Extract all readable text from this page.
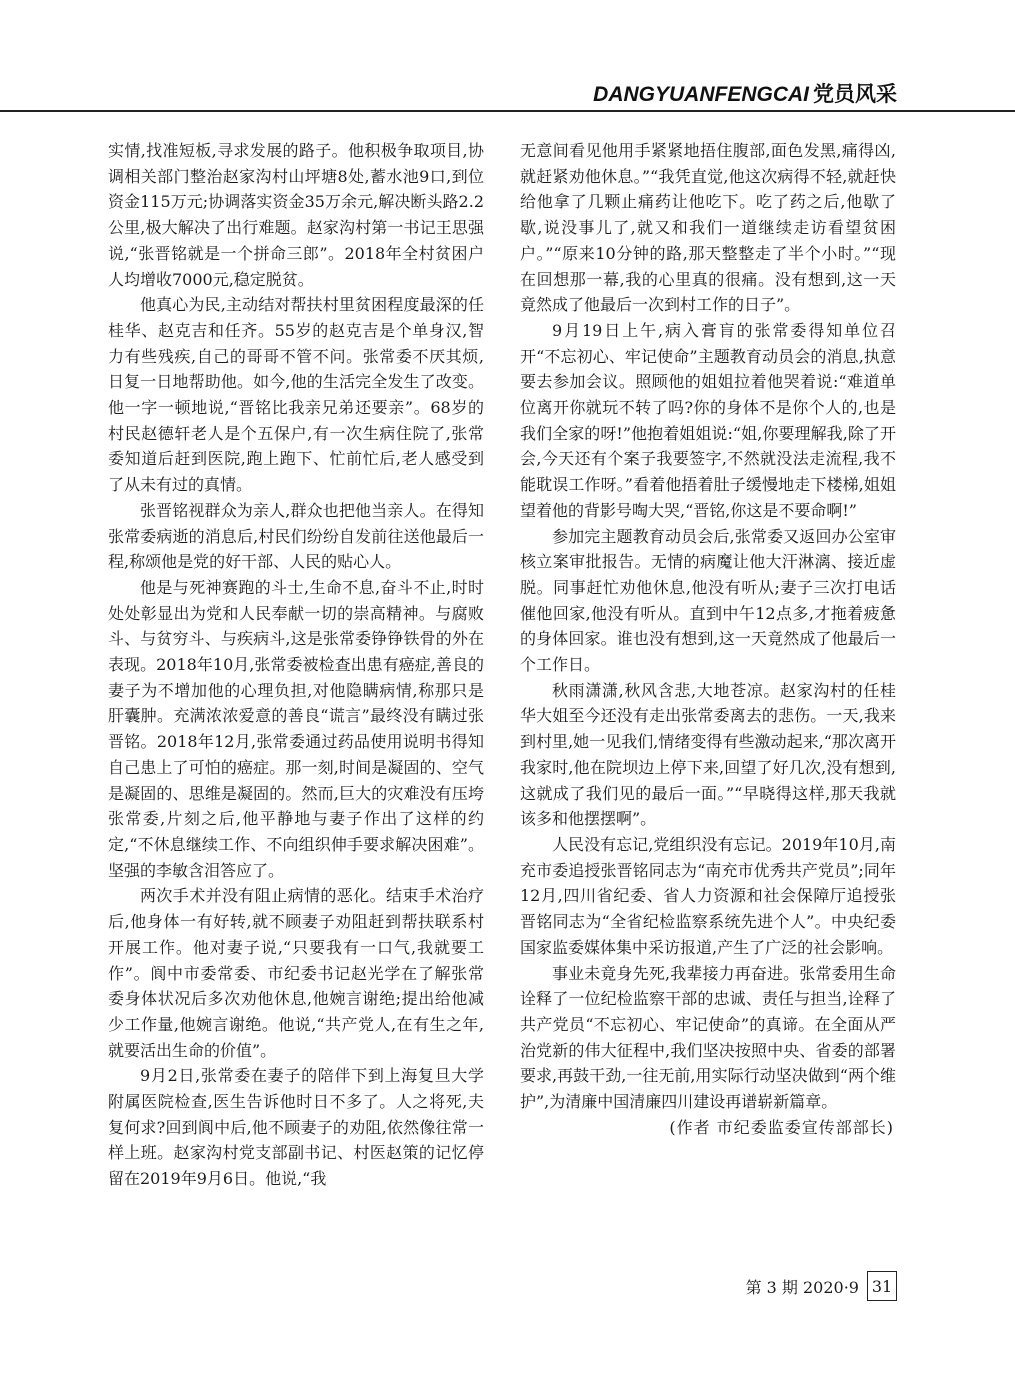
DANGYUANFENGCAI 党员风采

实情,找准短板,寻求发展的路子。他积极争取项目,协调相关部门整治赵家沟村山坪塘8处,蓄水池9口,到位资金115万元;协调落实资金35万余元,解决断头路2.2公里,极大解决了出行难题。赵家沟村第一书记王思强说,“张晋铭就是一个拼命三郎”。2018年全村贫困户人均增收7000元,稳定脱贫。

他真心为民,主动结对帮扶村里贫困程度最深的任桂华、赵克吉和任齐。55岁的赵克吉是个单身汉,智力有些残疾,自己的哥哥不管不问。张常委不厌其烦,日复一日地帮助他。如今,他的生活完全发生了改变。他一字一顿地说,“晋铭比我亲兄弟还要亲”。68岁的村民赵德轩老人是个五保户,有一次生病住院了,张常委知道后赶到医院,跑上跑下、忙前忙后,老人感受到了从未有过的真情。

张晋铭视群众为亲人,群众也把他当亲人。在得知张常委病逝的消息后,村民们纷纷自发前往送他最后一程,称颂他是党的好干部、人民的贴心人。

他是与死神赛跑的斗士,生命不息,奋斗不止,时时处处彰显出为党和人民奉献一切的崇高精神。与腐败斗、与贫穷斗、与疾病斗,这是张常委铮铮铁骨的外在表现。2018年10月,张常委被检查出患有癌症,善良的妻子为不增加他的心理负担,对他隐瞒病情,称那只是肝囊肿。充满浓浓爱意的善良“谎言”最终没有瞒过张晋铭。2018年12月,张常委通过药品使用说明书得知自己患上了可怕的癌症。那一刻,时间是凝固的、空气是凝固的、思维是凝固的。然而,巨大的灾难没有压垮张常委,片刻之后,他平静地与妻子作出了这样的约定,“不休息继续工作、不向组织伸手要求解决困难”。坚强的李敏含泪答应了。

两次手术并没有阻止病情的恶化。结束手术治疗后,他身体一有好转,就不顾妻子劝阻赶到帮扶联系村开展工作。他对妻子说,“只要我有一口气,我就要工作”。阆中市委常委、市纪委书记赵光学在了解张常委身体状况后多次劝他休息,他婉言谢绝;提出给他减少工作量,他婉言谢绝。他说,“共产党人,在有生之年,就要活出生命的价值”。

9月2日,张常委在妻子的陪伴下到上海复旦大学附属医院检查,医生告诉他时日不多了。人之将死,夫复何求?回到阆中后,他不顾妻子的劝阻,依然像往常一样上班。赵家沟村党支部副书记、村医赵策的记忆停留在2019年9月6日。他说,“我

无意间看见他用手紧紧地捂住腹部,面色发黑,痛得凶,就赶紧劝他休息。”“我凭直觉,他这次病得不轻,就赶快给他拿了几颗止痛药让他吃下。吃了药之后,他歇了歇,说没事儿了,就又和我们一道继续走访看望贫困户。”“原来10分钟的路,那天整整走了半个小时。”“现在回想那一幕,我的心里真的很痛。没有想到,这一天竟然成了他最后一次到村工作的日子”。

9月19日上午,病入膏肓的张常委得知单位召开“不忘初心、牢记使命”主题教育动员会的消息,执意要去参加会议。照顾他的姐姐拉着他哭着说:“难道单位离开你就玩不转了吗?你的身体不是你个人的,也是我们全家的呀!”他抱着姐姐说:“姐,你要理解我,除了开会,今天还有个案子我要签字,不然就没法走流程,我不能耽误工作呀。”看着他捂着肚子缓慢地走下楼梯,姐姐望着他的背影号啕大哭,“晋铭,你这是不要命啊!”

参加完主题教育动员会后,张常委又返回办公室审核立案审批报告。无情的病魔让他大汗淋漓、接近虚脱。同事赶忙劝他休息,他没有听从;妻子三次打电话催他回家,他没有听从。直到中午12点多,才拖着疲惫的身体回家。谁也没有想到,这一天竟然成了他最后一个工作日。

秋雨潇潇,秋风含悲,大地苍凉。赵家沟村的任桂华大姐至今还没有走出张常委离去的悲伤。一天,我来到村里,她一见我们,情绪变得有些激动起来,“那次离开我家时,他在院坝边上停下来,回望了好几次,没有想到,这就成了我们见的最后一面。”“早晓得这样,那天我就该多和他摆摆啊”。

人民没有忘记,党组织没有忘记。2019年10月,南充市委追授张晋铭同志为“南充市优秀共产党员”;同年12月,四川省纪委、省人力资源和社会保障厅追授张晋铭同志为“全省纪检监察系统先进个人”。中央纪委国家监委媒体集中采访报道,产生了广泛的社会影响。

事业未竟身先死,我辈接力再奋进。张常委用生命诠释了一位纪检监察干部的忠诚、责任与担当,诠释了共产党员“不忘初心、牢记使命”的真谛。在全面从严治党新的伟大征程中,我们坚决按照中央、省委的部署要求,再鼓干劲,一往无前,用实际行动坚决做到“两个维护”,为清廉中国清廉四川建设再谱崭新篇章。

(作者 市纪委监委宣传部部长)

第 3 期 2020·9 31
